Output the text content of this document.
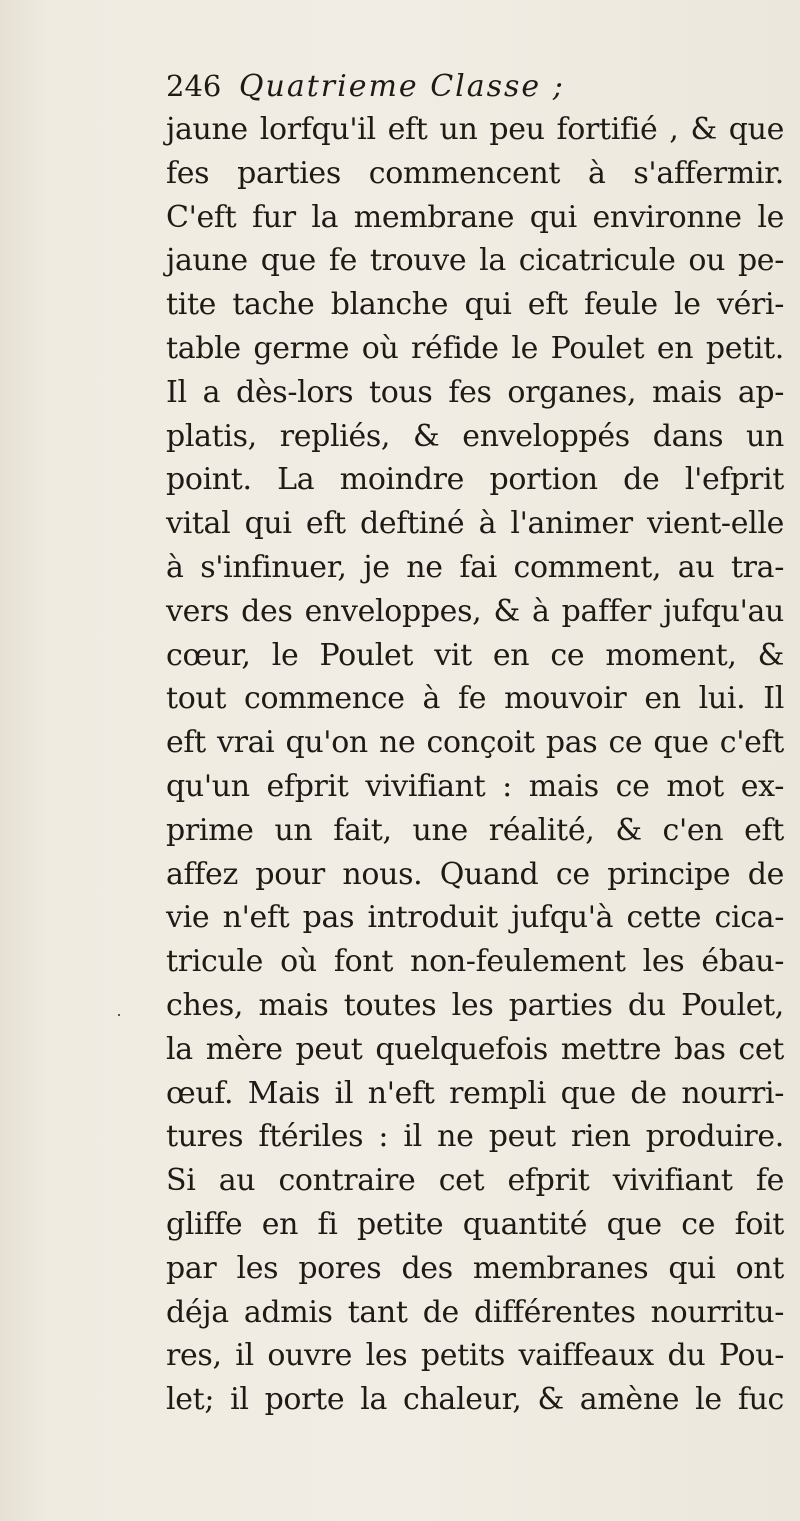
246 Quatrieme Classe ;
jaune lorfqu'il eft un peu fortifié , & que
fes parties commencent à s'affermir.
C'eft fur la membrane qui environne le
jaune que fe trouve la cicatricule ou pe-
tite tache blanche qui eft feule le véri-
table germe où réfide le Poulet en petit.
Il a dès-lors tous fes organes, mais ap-
platis, repliés, & enveloppés dans un
point. La moindre portion de l'efprit
vital qui eft deftiné à l'animer vient-elle
à s'infinuer, je ne fai comment, au tra-
vers des enveloppes, & à paffer jufqu'au
cœur, le Poulet vit en ce moment, &
tout commence à fe mouvoir en lui. Il
eft vrai qu'on ne conçoit pas ce que c'eft
qu'un efprit vivifiant : mais ce mot ex-
prime un fait, une réalité, & c'en eft
affez pour nous. Quand ce principe de
vie n'eft pas introduit jufqu'à cette cica-
tricule où font non-feulement les ébau-
ches, mais toutes les parties du Poulet,
la mère peut quelquefois mettre bas cet
œuf. Mais il n'eft rempli que de nourri-
tures ftériles : il ne peut rien produire.
Si au contraire cet efprit vivifiant fe
gliffe en fi petite quantité que ce foit
par les pores des membranes qui ont
déja admis tant de différentes nourritu-
res, il ouvre les petits vaiffeaux du Pou-
let; il porte la chaleur, & amène le fuc
